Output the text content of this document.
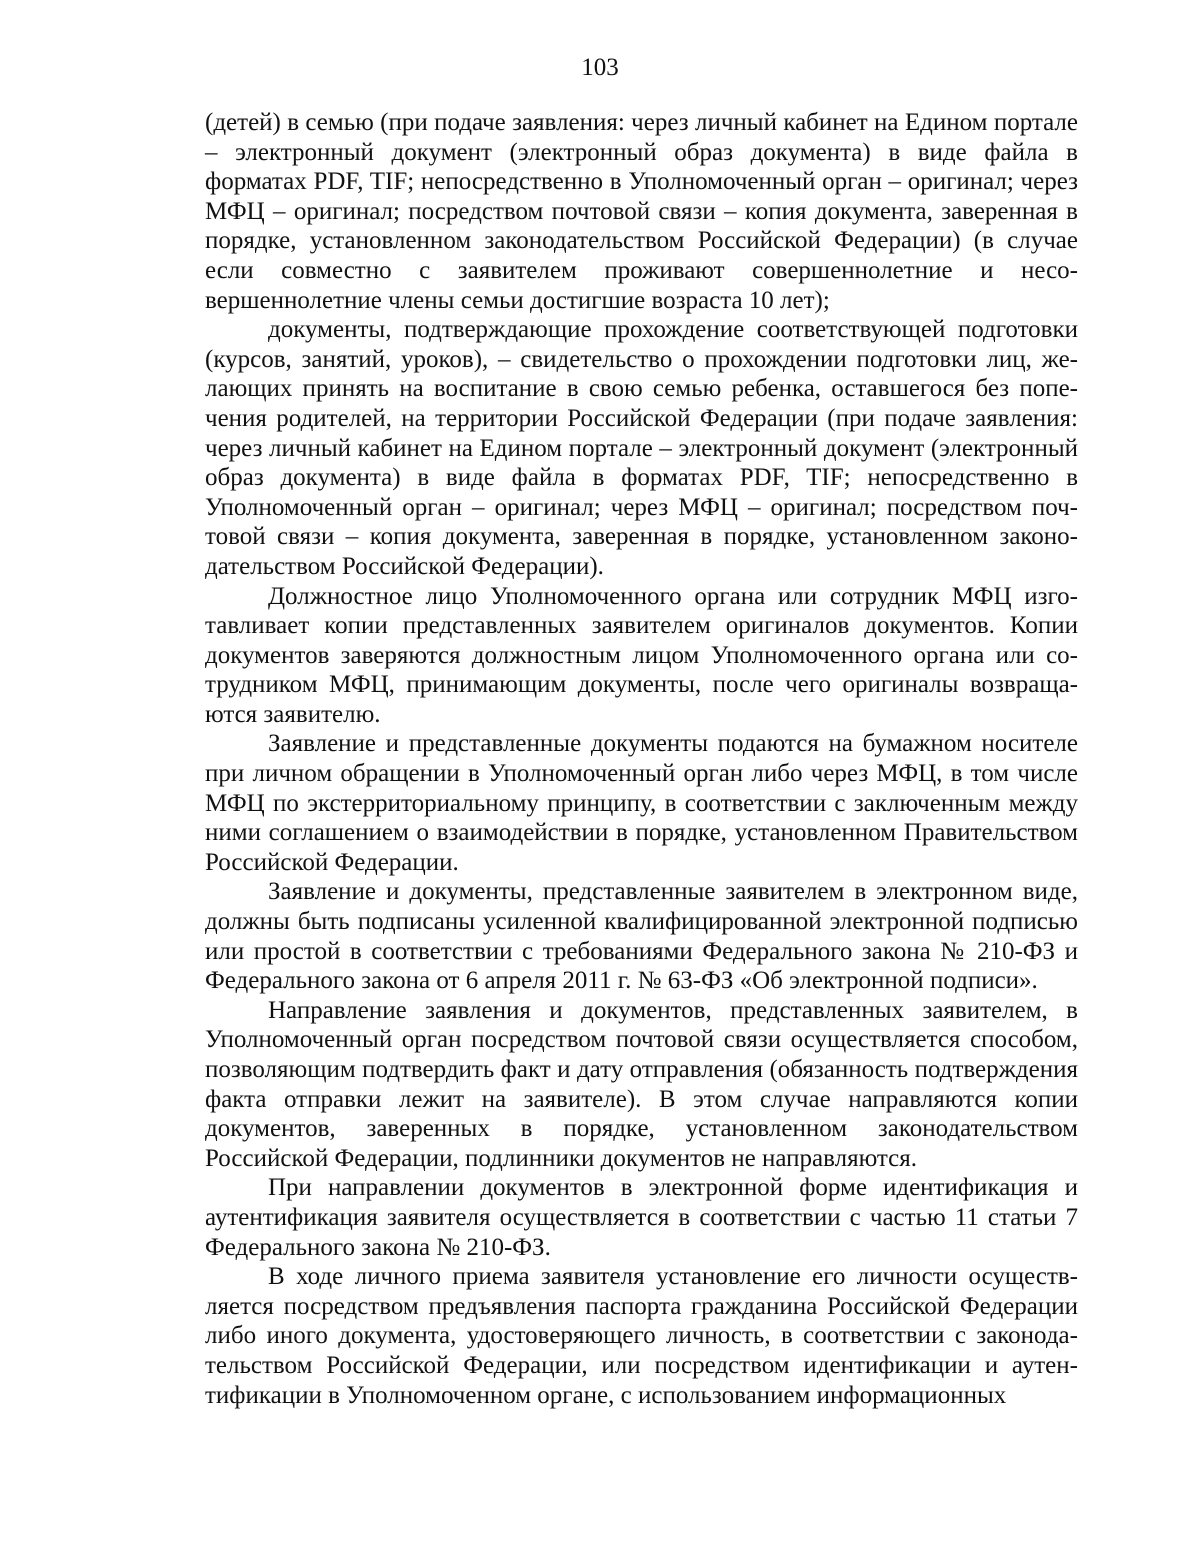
103

(детей) в семью (при подаче заявления: через личный кабинет на Едином портале – электронный документ (электронный образ документа) в виде файла в форматах PDF, TIF; непосредственно в Уполномоченный орган – оригинал; через МФЦ – оригинал; посредством почтовой связи – копия документа, заверенная в порядке, установленном законодательством Российской Федерации) (в случае если совместно с заявителем проживают совершеннолетние и несовершеннолетние члены семьи достигшие возраста 10 лет);

документы, подтверждающие прохождение соответствующей подготовки (курсов, занятий, уроков), – свидетельство о прохождении подготовки лиц, желающих принять на воспитание в свою семью ребенка, оставшегося без попечения родителей, на территории Российской Федерации (при подаче заявления: через личный кабинет на Едином портале – электронный документ (электронный образ документа) в виде файла в форматах PDF, TIF; непосредственно в Уполномоченный орган – оригинал; через МФЦ – оригинал; посредством почтовой связи – копия документа, заверенная в порядке, установленном законодательством Российской Федерации).

Должностное лицо Уполномоченного органа или сотрудник МФЦ изготавливает копии представленных заявителем оригиналов документов. Копии документов заверяются должностным лицом Уполномоченного органа или сотрудником МФЦ, принимающим документы, после чего оригиналы возвращаются заявителю.

Заявление и представленные документы подаются на бумажном носителе при личном обращении в Уполномоченный орган либо через МФЦ, в том числе МФЦ по экстерриториальному принципу, в соответствии с заключенным между ними соглашением о взаимодействии в порядке, установленном Правительством Российской Федерации.

Заявление и документы, представленные заявителем в электронном виде, должны быть подписаны усиленной квалифицированной электронной подписью или простой в соответствии с требованиями Федерального закона № 210-ФЗ и Федерального закона от 6 апреля 2011 г. № 63-ФЗ «Об электронной подписи».

Направление заявления и документов, представленных заявителем, в Уполномоченный орган посредством почтовой связи осуществляется способом, позволяющим подтвердить факт и дату отправления (обязанность подтверждения факта отправки лежит на заявителе). В этом случае направляются копии документов, заверенных в порядке, установленном законодательством Российской Федерации, подлинники документов не направляются.

При направлении документов в электронной форме идентификация и аутентификация заявителя осуществляется в соответствии с частью 11 статьи 7 Федерального закона № 210-ФЗ.

В ходе личного приема заявителя установление его личности осуществляется посредством предъявления паспорта гражданина Российской Федерации либо иного документа, удостоверяющего личность, в соответствии с законодательством Российской Федерации, или посредством идентификации и аутентификации в Уполномоченном органе, с использованием информационных
